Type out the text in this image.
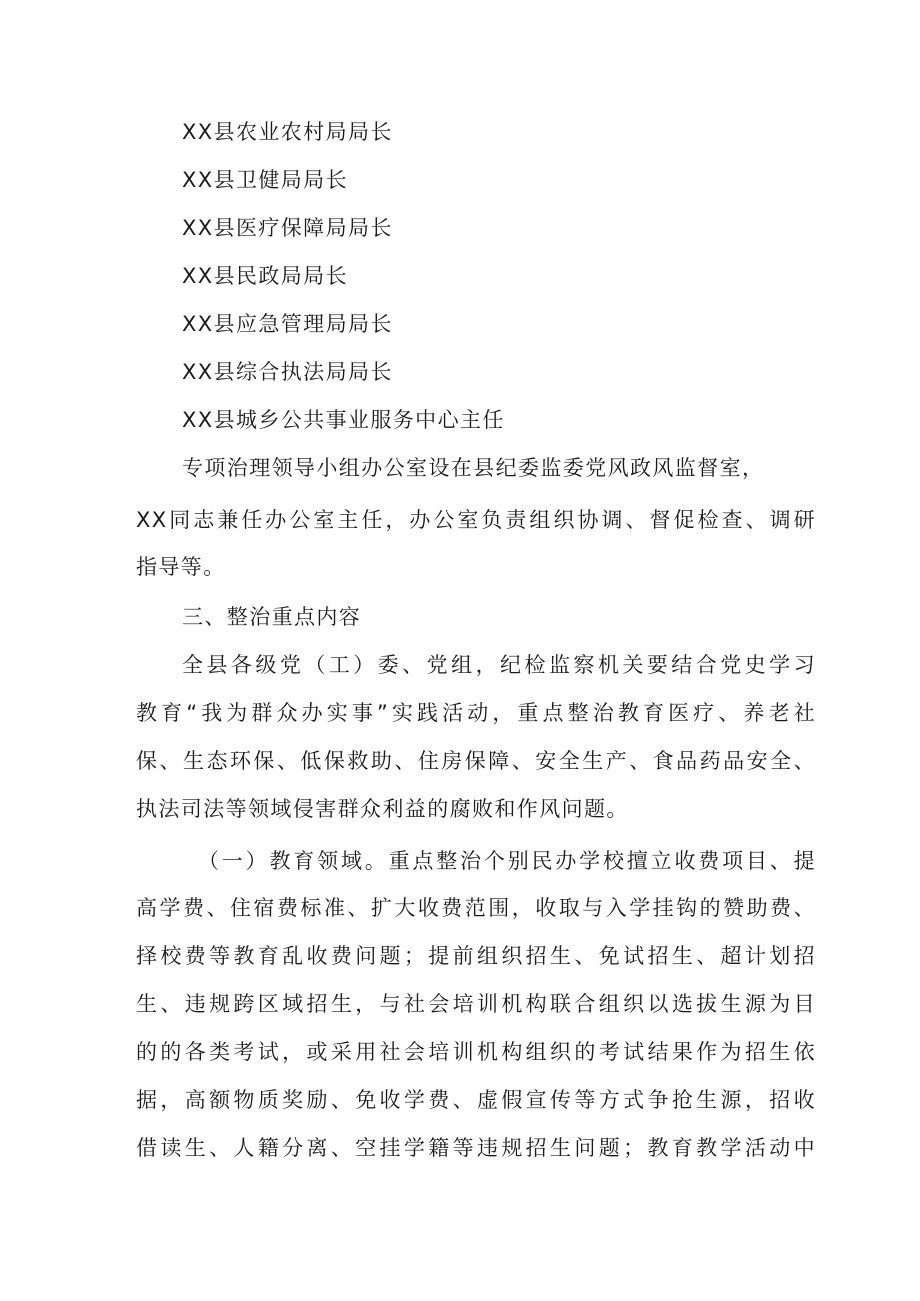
XX县农业农村局局长
XX县卫健局局长
XX县医疗保障局局长
XX县民政局局长
XX县应急管理局局长
XX县综合执法局局长
XX县城乡公共事业服务中心主任
专项治理领导小组办公室设在县纪委监委党风政风监督室，
XX同志兼任办公室主任，办公室负责组织协调、督促检查、调研
指导等。
三、整治重点内容
全县各级党（工）委、党组，纪检监察机关要结合党史学习
教育“我为群众办实事”实践活动，重点整治教育医疗、养老社
保、生态环保、低保救助、住房保障、安全生产、食品药品安全、
执法司法等领域侵害群众利益的腐败和作风问题。
（一）教育领域。重点整治个别民办学校擅立收费项目、提
高学费、住宿费标准、扩大收费范围，收取与入学挂钩的赞助费、
择校费等教育乱收费问题；提前组织招生、免试招生、超计划招
生、违规跨区域招生，与社会培训机构联合组织以选拔生源为目
的的各类考试，或采用社会培训机构组织的考试结果作为招生依
据，高额物质奖励、免收学费、虚假宣传等方式争抢生源，招收
借读生、人籍分离、空挂学籍等违规招生问题；教育教学活动中
